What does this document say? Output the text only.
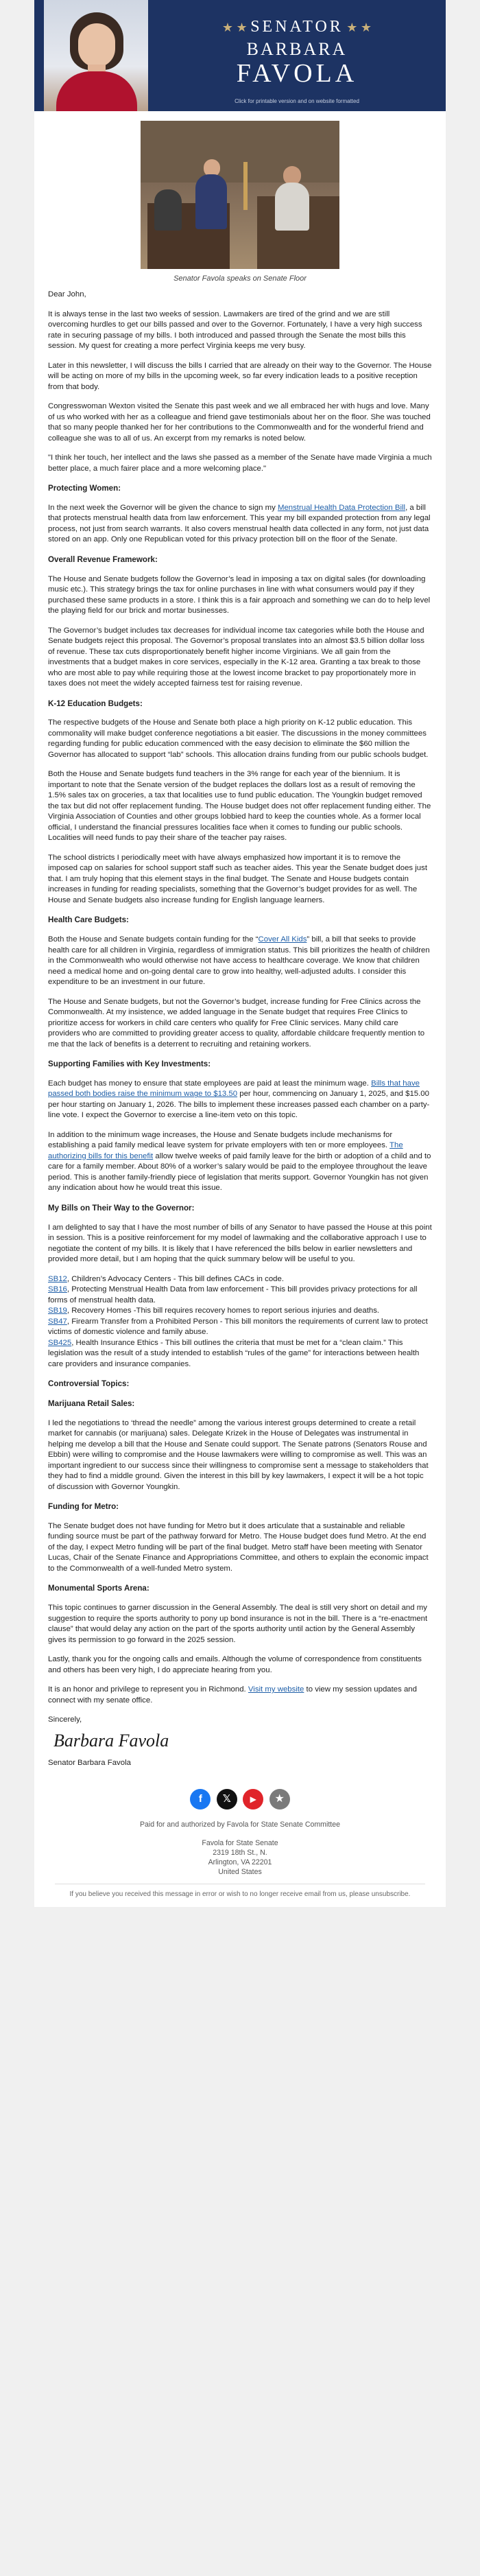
★ ★ SENATOR ★ ★
BARBARA
FAVOLA
Click for printable version and on website formatted
Senator Favola speaks on Senate Floor

Dear John,

It is always tense in the last two weeks of session. Lawmakers are tired of the grind and we are still overcoming hurdles to get our bills passed and over to the Governor. Fortunately, I have a very high success rate in securing passage of my bills. I both introduced and passed through the Senate the most bills this session. My quest for creating a more perfect Virginia keeps me very busy.

Later in this newsletter, I will discuss the bills I carried that are already on their way to the Governor. The House will be acting on more of my bills in the upcoming week, so far every indication leads to a positive reception from that body.

Congresswoman Wexton visited the Senate this past week and we all embraced her with hugs and love. Many of us who worked with her as a colleague and friend gave testimonials about her on the floor. She was touched that so many people thanked her for her contributions to the Commonwealth and for the wonderful friend and colleague she was to all of us. An excerpt from my remarks is noted below.

"I think her touch, her intellect and the laws she passed as a member of the Senate have made Virginia a much better place, a much fairer place and a more welcoming place."

Protecting Women:

In the next week the Governor will be given the chance to sign my Menstrual Health Data Protection Bill, a bill that protects menstrual health data from law enforcement. This year my bill expanded protection from any legal process, not just from search warrants. It also covers menstrual health data collected in any form, not just data stored on an app. Only one Republican voted for this privacy protection bill on the floor of the Senate.

Overall Revenue Framework:

The House and Senate budgets follow the Governor’s lead in imposing a tax on digital sales (for downloading music etc.). This strategy brings the tax for online purchases in line with what consumers would pay if they purchased these same products in a store. I think this is a fair approach and something we can do to help level the playing field for our brick and mortar businesses.

The Governor’s budget includes tax decreases for individual income tax categories while both the House and Senate budgets reject this proposal. The Governor’s proposal translates into an almost $3.5 billion dollar loss of revenue. These tax cuts disproportionately benefit higher income Virginians. We all gain from the investments that a budget makes in core services, especially in the K-12 area. Granting a tax break to those who are most able to pay while requiring those at the lowest income bracket to pay proportionately more in taxes does not meet the widely accepted fairness test for raising revenue.

K-12 Education Budgets:

The respective budgets of the House and Senate both place a high priority on K-12 public education. This commonality will make budget conference negotiations a bit easier. The discussions in the money committees regarding funding for public education commenced with the easy decision to eliminate the $60 million the Governor has allocated to support “lab” schools. This allocation drains funding from our public schools budget.

Both the House and Senate budgets fund teachers in the 3% range for each year of the biennium. It is important to note that the Senate version of the budget replaces the dollars lost as a result of removing the 1.5% sales tax on groceries, a tax that localities use to fund public education. The Youngkin budget removed the tax but did not offer replacement funding. The House budget does not offer replacement funding either. The Virginia Association of Counties and other groups lobbied hard to keep the counties whole. As a former local official, I understand the financial pressures localities face when it comes to funding our public schools. Localities will need funds to pay their share of the teacher pay raises.

The school districts I periodically meet with have always emphasized how important it is to remove the imposed cap on salaries for school support staff such as teacher aides. This year the Senate budget does just that. I am truly hoping that this element stays in the final budget. The Senate and House budgets contain increases in funding for reading specialists, something that the Governor’s budget provides for as well. The House and Senate budgets also increase funding for English language learners.

Health Care Budgets:

Both the House and Senate budgets contain funding for the “Cover All Kids” bill, a bill that seeks to provide health care for all children in Virginia, regardless of immigration status. This bill prioritizes the health of children in the Commonwealth who would otherwise not have access to healthcare coverage. We know that children need a medical home and on-going dental care to grow into healthy, well-adjusted adults. I consider this expenditure to be an investment in our future.

The House and Senate budgets, but not the Governor’s budget, increase funding for Free Clinics across the Commonwealth. At my insistence, we added language in the Senate budget that requires Free Clinics to prioritize access for workers in child care centers who qualify for Free Clinic services. Many child care providers who are committed to providing greater access to quality, affordable childcare frequently mention to me that the lack of benefits is a deterrent to recruiting and retaining workers.

Supporting Families with Key Investments:

Each budget has money to ensure that state employees are paid at least the minimum wage. Bills that have passed both bodies raise the minimum wage to $13.50 per hour, commencing on January 1, 2025, and $15.00 per hour starting on January 1, 2026. The bills to implement these increases passed each chamber on a party-line vote. I expect the Governor to exercise a line-item veto on this topic.

In addition to the minimum wage increases, the House and Senate budgets include mechanisms for establishing a paid family medical leave system for private employers with ten or more employees. The authorizing bills for this benefit allow twelve weeks of paid family leave for the birth or adoption of a child and to care for a family member. About 80% of a worker’s salary would be paid to the employee throughout the leave period. This is another family-friendly piece of legislation that merits support. Governor Youngkin has not given any indication about how he would treat this issue.

My Bills on Their Way to the Governor:

I am delighted to say that I have the most number of bills of any Senator to have passed the House at this point in session. This is a positive reinforcement for my model of lawmaking and the collaborative approach I use to negotiate the content of my bills. It is likely that I have referenced the bills below in earlier newsletters and provided more detail, but I am hoping that the quick summary below will be useful to you.

SB12, Children’s Advocacy Centers - This bill defines CACs in code.

SB16, Protecting Menstrual Health Data from law enforcement - This bill provides privacy protections for all forms of menstrual health data.

SB19, Recovery Homes -This bill requires recovery homes to report serious injuries and deaths.

SB47, Firearm Transfer from a Prohibited Person - This bill monitors the requirements of current law to protect victims of domestic violence and family abuse.

SB425, Health Insurance Ethics - This bill outlines the criteria that must be met for a “clean claim.” This legislation was the result of a study intended to establish “rules of the game” for interactions between health care providers and insurance companies.

Controversial Topics:
Marijuana Retail Sales:

I led the negotiations to ‘thread the needle” among the various interest groups determined to create a retail market for cannabis (or marijuana) sales. Delegate Krizek in the House of Delegates was instrumental in helping me develop a bill that the House and Senate could support. The Senate patrons (Senators Rouse and Ebbin) were willing to compromise and the House lawmakers were willing to compromise as well. This was an important ingredient to our success since their willingness to compromise sent a message to stakeholders that they had to find a middle ground. Given the interest in this bill by key lawmakers, I expect it will be a hot topic of discussion with Governor Youngkin.

Funding for Metro:

The Senate budget does not have funding for Metro but it does articulate that a sustainable and reliable funding source must be part of the pathway forward for Metro. The House budget does fund Metro. At the end of the day, I expect Metro funding will be part of the final budget. Metro staff have been meeting with Senator Lucas, Chair of the Senate Finance and Appropriations Committee, and others to explain the economic impact to the Commonwealth of a well-funded Metro system.

Monumental Sports Arena:

This topic continues to garner discussion in the General Assembly. The deal is still very short on detail and my suggestion to require the sports authority to pony up bond insurance is not in the bill. There is a “re-enactment clause” that would delay any action on the part of the sports authority until action by the General Assembly gives its permission to go forward in the 2025 session.

Lastly, thank you for the ongoing calls and emails. Although the volume of correspondence from constituents and others has been very high, I do appreciate hearing from you.

It is an honor and privilege to represent you in Richmond. Visit my website to view my session updates and connect with my senate office.

Sincerely,

Barbara Favola

Senator Barbara Favola

f 𝕏 ▶ ★
Paid for and authorized by Favola for State Senate Committee
Favola for State Senate
2319 18th St., N.
Arlington, VA 22201
United States
If you believe you received this message in error or wish to no longer receive email from us, please unsubscribe.
